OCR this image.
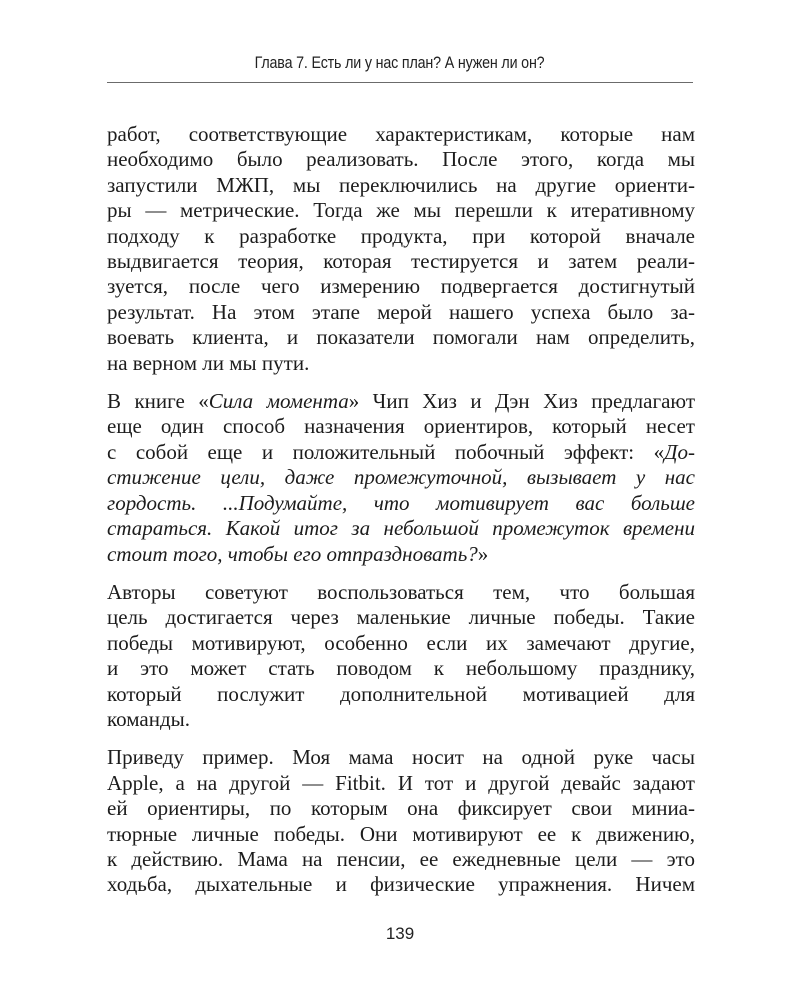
Глава 7. Есть ли у нас план? А нужен ли он?
работ, соответствующие характеристикам, которые нам
необходимо было реализовать. После этого, когда мы
запустили МЖП, мы переключились на другие ориенти-
ры — метрические. Тогда же мы перешли к итеративному
подходу к разработке продукта, при которой вначале
выдвигается теория, которая тестируется и затем реали-
зуется, после чего измерению подвергается достигнутый
результат. На этом этапе мерой нашего успеха было за-
воевать клиента, и показатели помогали нам определить,
на верном ли мы пути.
В книге «Сила момента» Чип Хиз и Дэн Хиз предлагают
еще один способ назначения ориентиров, который несет
с собой еще и положительный побочный эффект: «До-
стижение цели, даже промежуточной, вызывает у нас
гордость. ...Подумайте, что мотивирует вас больше
стараться. Какой итог за небольшой промежуток времени
стоит того, чтобы его отпраздновать?»
Авторы советуют воспользоваться тем, что большая
цель достигается через маленькие личные победы. Такие
победы мотивируют, особенно если их замечают другие,
и это может стать поводом к небольшому празднику,
который послужит дополнительной мотивацией для
команды.
Приведу пример. Моя мама носит на одной руке часы
Apple, а на другой — Fitbit. И тот и другой девайс задают
ей ориентиры, по которым она фиксирует свои миниа-
тюрные личные победы. Они мотивируют ее к движению,
к действию. Мама на пенсии, ее ежедневные цели — это
ходьба, дыхательные и физические упражнения. Ничем
139
